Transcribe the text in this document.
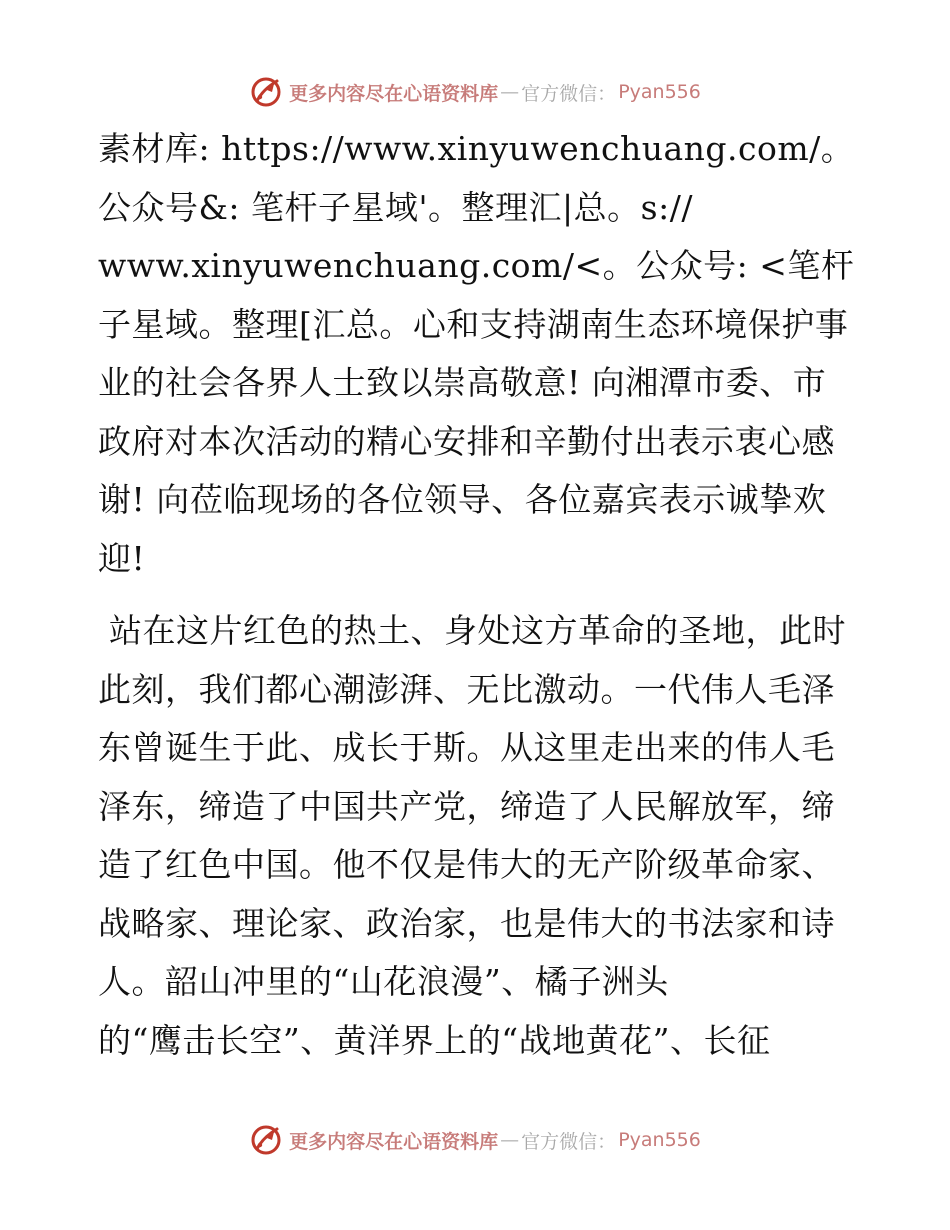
更多内容尽在心语资料库 — 官方微信： Pyan556

素材库: https://www.xinyuwenchuang.com/。公众号&: 笔杆子星域'。整理汇|总。s://
www.xinyuwenchuang.com/<。公众号: <笔杆子星域。整理[汇总。心和支持湖南生态环境保护事业的社会各界人士致以崇高敬意! 向湘潭市委、市政府对本次活动的精心安排和辛勤付出表示衷心感谢! 向莅临现场的各位领导、各位嘉宾表示诚挚欢迎!

站在这片红色的热土、身处这方革命的圣地，此时此刻，我们都心潮澎湃、无比激动。一代伟人毛泽东曾诞生于此、成长于斯。从这里走出来的伟人毛泽东，缔造了中国共产党，缔造了人民解放军，缔造了红色中国。他不仅是伟大的无产阶级革命家、战略家、理论家、政治家，也是伟大的书法家和诗人。韶山冲里的“山花浪漫”、橘子洲头
的“鹰击长空”、黄洋界上的“战地黄花”、长征

更多内容尽在心语资料库 — 官方微信： Pyan556
